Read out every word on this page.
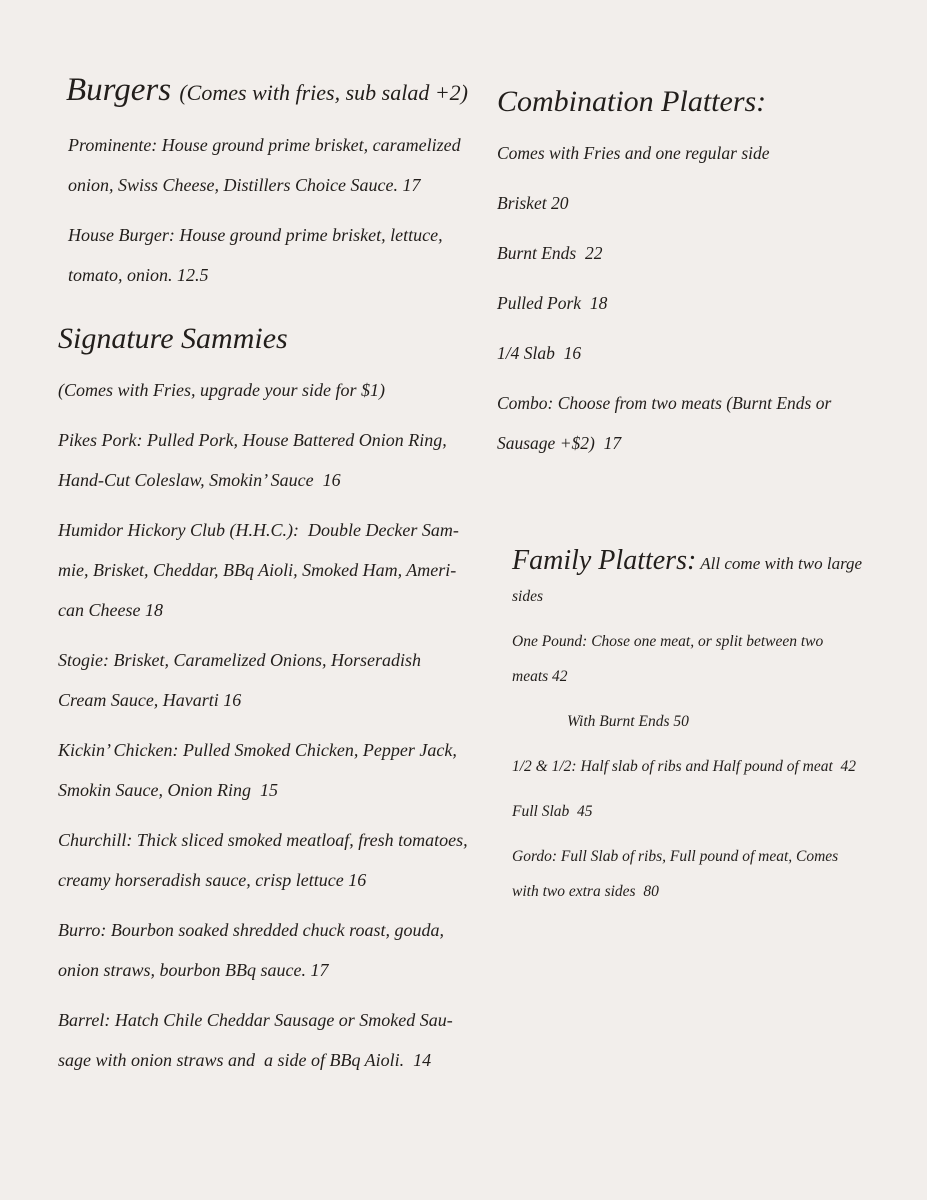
Burgers (Comes with fries, sub salad +2)
Prominente: House ground prime brisket, caramelized
onion, Swiss Cheese, Distillers Choice Sauce. 17
House Burger: House ground prime brisket, lettuce,
tomato, onion. 12.5
Signature Sammies
(Comes with Fries, upgrade your side for $1)
Pikes Pork: Pulled Pork, House Battered Onion Ring,
Hand-Cut Coleslaw, Smokin’ Sauce  16
Humidor Hickory Club (H.H.C.):  Double Decker Sam-
mie, Brisket, Cheddar, BBq Aioli, Smoked Ham, Ameri-
can Cheese 18
Stogie: Brisket, Caramelized Onions, Horseradish
Cream Sauce, Havarti 16
Kickin’ Chicken: Pulled Smoked Chicken, Pepper Jack,
Smokin Sauce, Onion Ring  15
Churchill: Thick sliced smoked meatloaf, fresh tomatoes,
creamy horseradish sauce, crisp lettuce 16
Burro: Bourbon soaked shredded chuck roast, gouda,
onion straws, bourbon BBq sauce. 17
Barrel: Hatch Chile Cheddar Sausage or Smoked Sau-
sage with onion straws and  a side of BBq Aioli.  14
Combination Platters:
Comes with Fries and one regular side
Brisket 20
Burnt Ends  22
Pulled Pork  18
1/4 Slab  16
Combo: Choose from two meats (Burnt Ends or
Sausage +$2)  17
Family Platters: All come with two large
sides
One Pound: Chose one meat, or split between two
meats 42
With Burnt Ends 50
1/2 & 1/2: Half slab of ribs and Half pound of meat  42
Full Slab  45
Gordo: Full Slab of ribs, Full pound of meat, Comes
with two extra sides  80
